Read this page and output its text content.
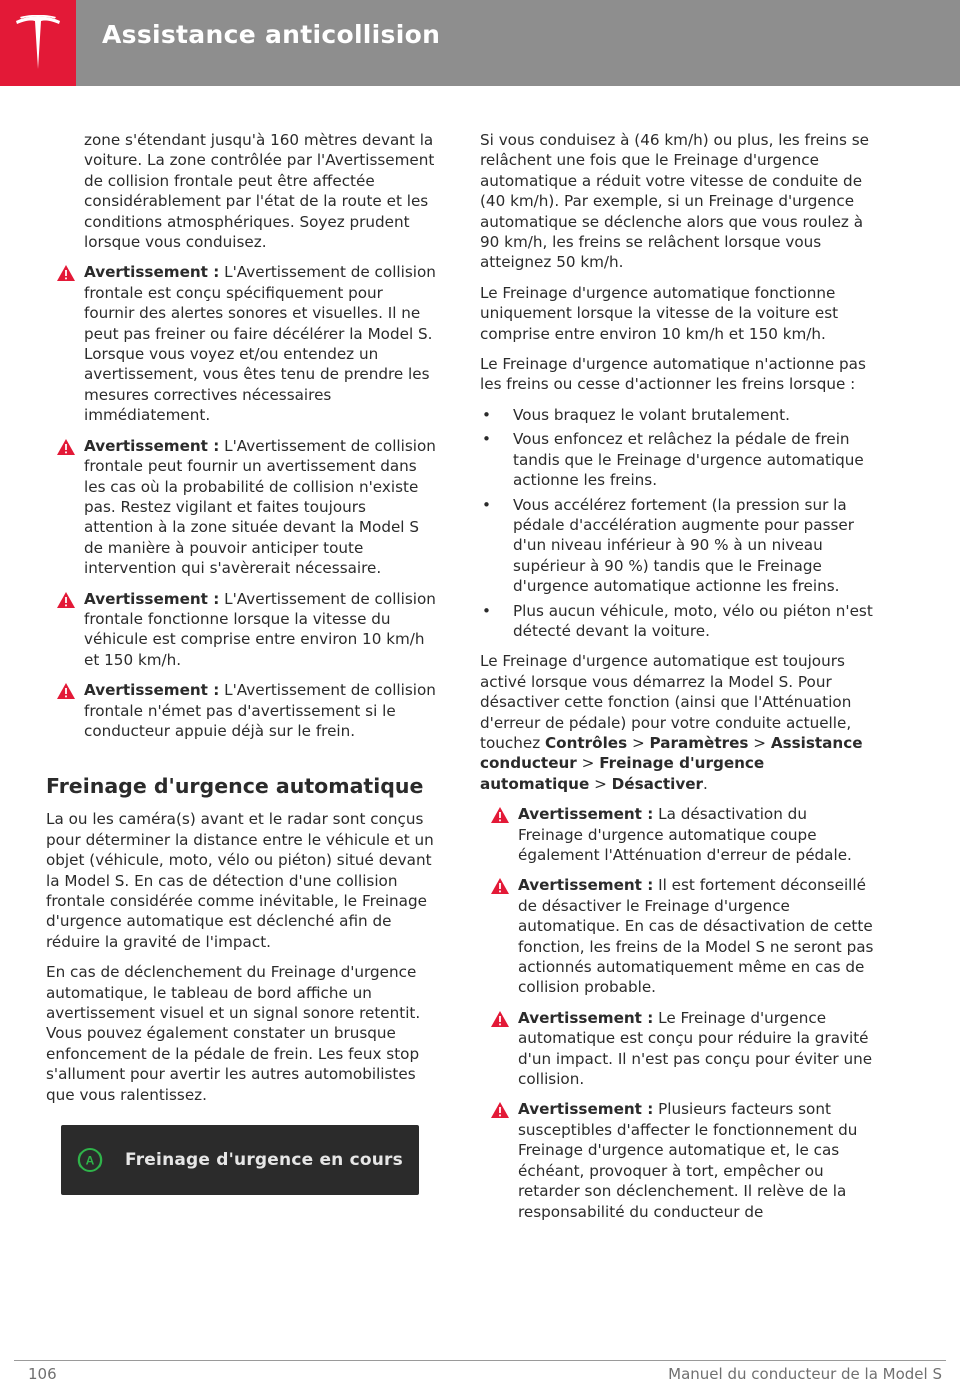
Assistance anticollision

zone s'étendant jusqu'à 160 mètres devant la voiture. La zone contrôlée par l'Avertissement de collision frontale peut être affectée considérablement par l'état de la route et les conditions atmosphériques. Soyez prudent lorsque vous conduisez.

Avertissement : L'Avertissement de collision frontale est conçu spécifiquement pour fournir des alertes sonores et visuelles. Il ne peut pas freiner ou faire décélérer la Model S. Lorsque vous voyez et/ou entendez un avertissement, vous êtes tenu de prendre les mesures correctives nécessaires immédiatement.
Avertissement : L'Avertissement de collision frontale peut fournir un avertissement dans les cas où la probabilité de collision n'existe pas. Restez vigilant et faites toujours attention à la zone située devant la Model S de manière à pouvoir anticiper toute intervention qui s'avèrerait nécessaire.
Avertissement : L'Avertissement de collision frontale fonctionne lorsque la vitesse du véhicule est comprise entre environ 10 km/h et 150 km/h.
Avertissement : L'Avertissement de collision frontale n'émet pas d'avertissement si le conducteur appuie déjà sur le frein.
Freinage d'urgence automatique

La ou les caméra(s) avant et le radar sont conçus pour déterminer la distance entre le véhicule et un objet (véhicule, moto, vélo ou piéton) situé devant la Model S. En cas de détection d'une collision frontale considérée comme inévitable, le Freinage d'urgence automatique est déclenché afin de réduire la gravité de l'impact.

En cas de déclenchement du Freinage d'urgence automatique, le tableau de bord affiche un avertissement visuel et un signal sonore retentit. Vous pouvez également constater un brusque enfoncement de la pédale de frein. Les feux stop s'allument pour avertir les autres automobilistes que vous ralentissez.

A Freinage d'urgence en cours

Si vous conduisez à (46 km/h) ou plus, les freins se relâchent une fois que le Freinage d'urgence automatique a réduit votre vitesse de conduite de (40 km/h). Par exemple, si un Freinage d'urgence automatique se déclenche alors que vous roulez à 90 km/h, les freins se relâchent lorsque vous atteignez 50 km/h.

Le Freinage d'urgence automatique fonctionne uniquement lorsque la vitesse de la voiture est comprise entre environ 10 km/h et 150 km/h.

Le Freinage d'urgence automatique n'actionne pas les freins ou cesse d'actionner les freins lorsque :

• Vous braquez le volant brutalement.
• Vous enfoncez et relâchez la pédale de frein tandis que le Freinage d'urgence automatique actionne les freins.
• Vous accélérez fortement (la pression sur la pédale d'accélération augmente pour passer d'un niveau inférieur à 90 % à un niveau supérieur à 90 %) tandis que le Freinage d'urgence automatique actionne les freins.
• Plus aucun véhicule, moto, vélo ou piéton n'est détecté devant la voiture.

Le Freinage d'urgence automatique est toujours activé lorsque vous démarrez la Model S. Pour désactiver cette fonction (ainsi que l'Atténuation d'erreur de pédale) pour votre conduite actuelle, touchez Contrôles > Paramètres > Assistance conducteur > Freinage d'urgence automatique > Désactiver.

Avertissement : La désactivation du Freinage d'urgence automatique coupe également l'Atténuation d'erreur de pédale.
Avertissement : Il est fortement déconseillé de désactiver le Freinage d'urgence automatique. En cas de désactivation de cette fonction, les freins de la Model S ne seront pas actionnés automatiquement même en cas de collision probable.
Avertissement : Le Freinage d'urgence automatique est conçu pour réduire la gravité d'un impact. Il n'est pas conçu pour éviter une collision.
Avertissement : Plusieurs facteurs sont susceptibles d'affecter le fonctionnement du Freinage d'urgence automatique et, le cas échéant, provoquer à tort, empêcher ou retarder son déclenchement. Il relève de la responsabilité du conducteur de
106	Manuel du conducteur de la Model S
